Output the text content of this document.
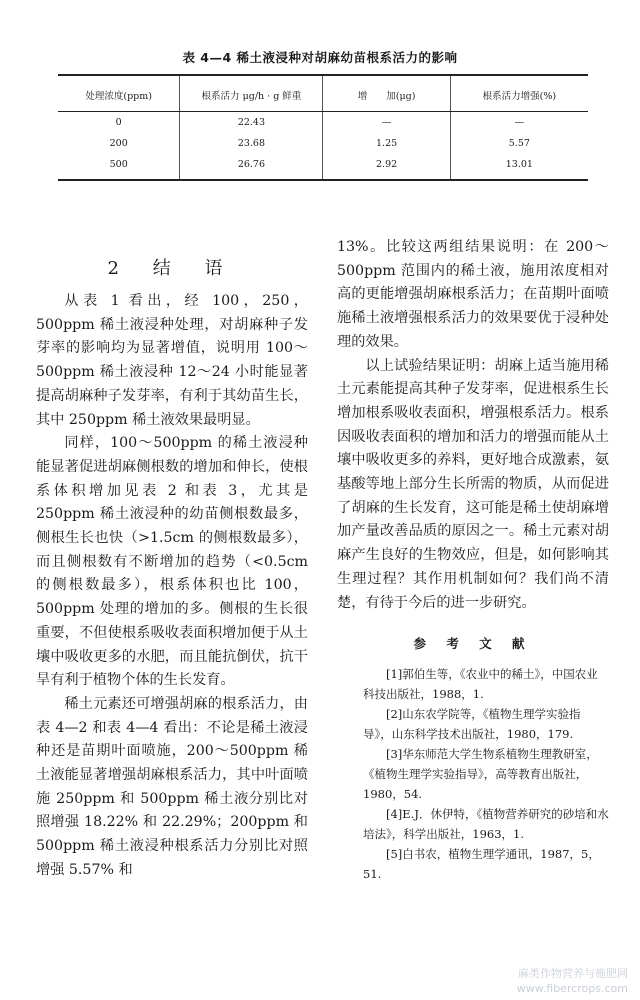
表 4—4 稀土液浸种对胡麻幼苗根系活力的影响
处理浓度(ppm)	根系活力 μg/h · g 鲜重	增　　加(μg)	根系活力增强(%)
0	22.43	—	—
200	23.68	1.25	5.57
500	26.76	2.92	13.01
2 结 语

从表 1 看出，经 100，250，500ppm 稀土液浸种处理，对胡麻种子发芽率的影响均为显著增值，说明用 100～500ppm 稀土液浸种 12～24 小时能显著提高胡麻种子发芽率，有利于其幼苗生长，其中 250ppm 稀土液效果最明显。

同样，100～500ppm 的稀土液浸种能显著促进胡麻侧根数的增加和伸长，使根系体积增加见表 2 和表 3，尤其是 250ppm 稀土液浸种的幼苗侧根数最多，侧根生长也快（>1.5cm 的侧根数最多），而且侧根数有不断增加的趋势（<0.5cm 的侧根数最多），根系体积也比 100，500ppm 处理的增加的多。侧根的生长很重要，不但使根系吸收表面积增加便于从土壤中吸收更多的水肥，而且能抗倒伏，抗干旱有利于植物个体的生长发育。

稀土元素还可增强胡麻的根系活力，由表 4—2 和表 4—4 看出：不论是稀土液浸种还是苗期叶面喷施，200～500ppm 稀土液能显著增强胡麻根系活力，其中叶面喷施 250ppm 和 500ppm 稀土液分别比对照增强 18.22% 和 22.29%；200ppm 和 500ppm 稀土液浸种根系活力分别比对照增强 5.57% 和

13%。比较这两组结果说明：在 200～500ppm 范围内的稀土液，施用浓度相对高的更能增强胡麻根系活力；在苗期叶面喷施稀土液增强根系活力的效果要优于浸种处理的效果。

以上试验结果证明：胡麻上适当施用稀土元素能提高其种子发芽率，促进根系生长增加根系吸收表面积，增强根系活力。根系因吸收表面积的增加和活力的增强而能从土壤中吸收更多的养料，更好地合成激素，氨基酸等地上部分生长所需的物质，从而促进了胡麻的生长发育，这可能是稀土使胡麻增加产量改善品质的原因之一。稀土元素对胡麻产生良好的生物效应，但是，如何影响其生理过程？其作用机制如何？我们尚不清楚，有待于今后的进一步研究。

参 考 文 献

[1]郭伯生等，《农业中的稀土》，中国农业科技出版社，1988，1.

[2]山东农学院等，《植物生理学实验指导》，山东科学技术出版社，1980，179.

[3]华东师范大学生物系植物生理教研室，《植物生理学实验指导》，高等教育出版社，1980，54.

[4]E.J．休伊特，《植物营养研究的砂培和水培法》，科学出版社，1963，1.

[5]白书农，植物生理学通讯，1987，5，51.

麻类作物营养与施肥网
www.fibercrops.com
